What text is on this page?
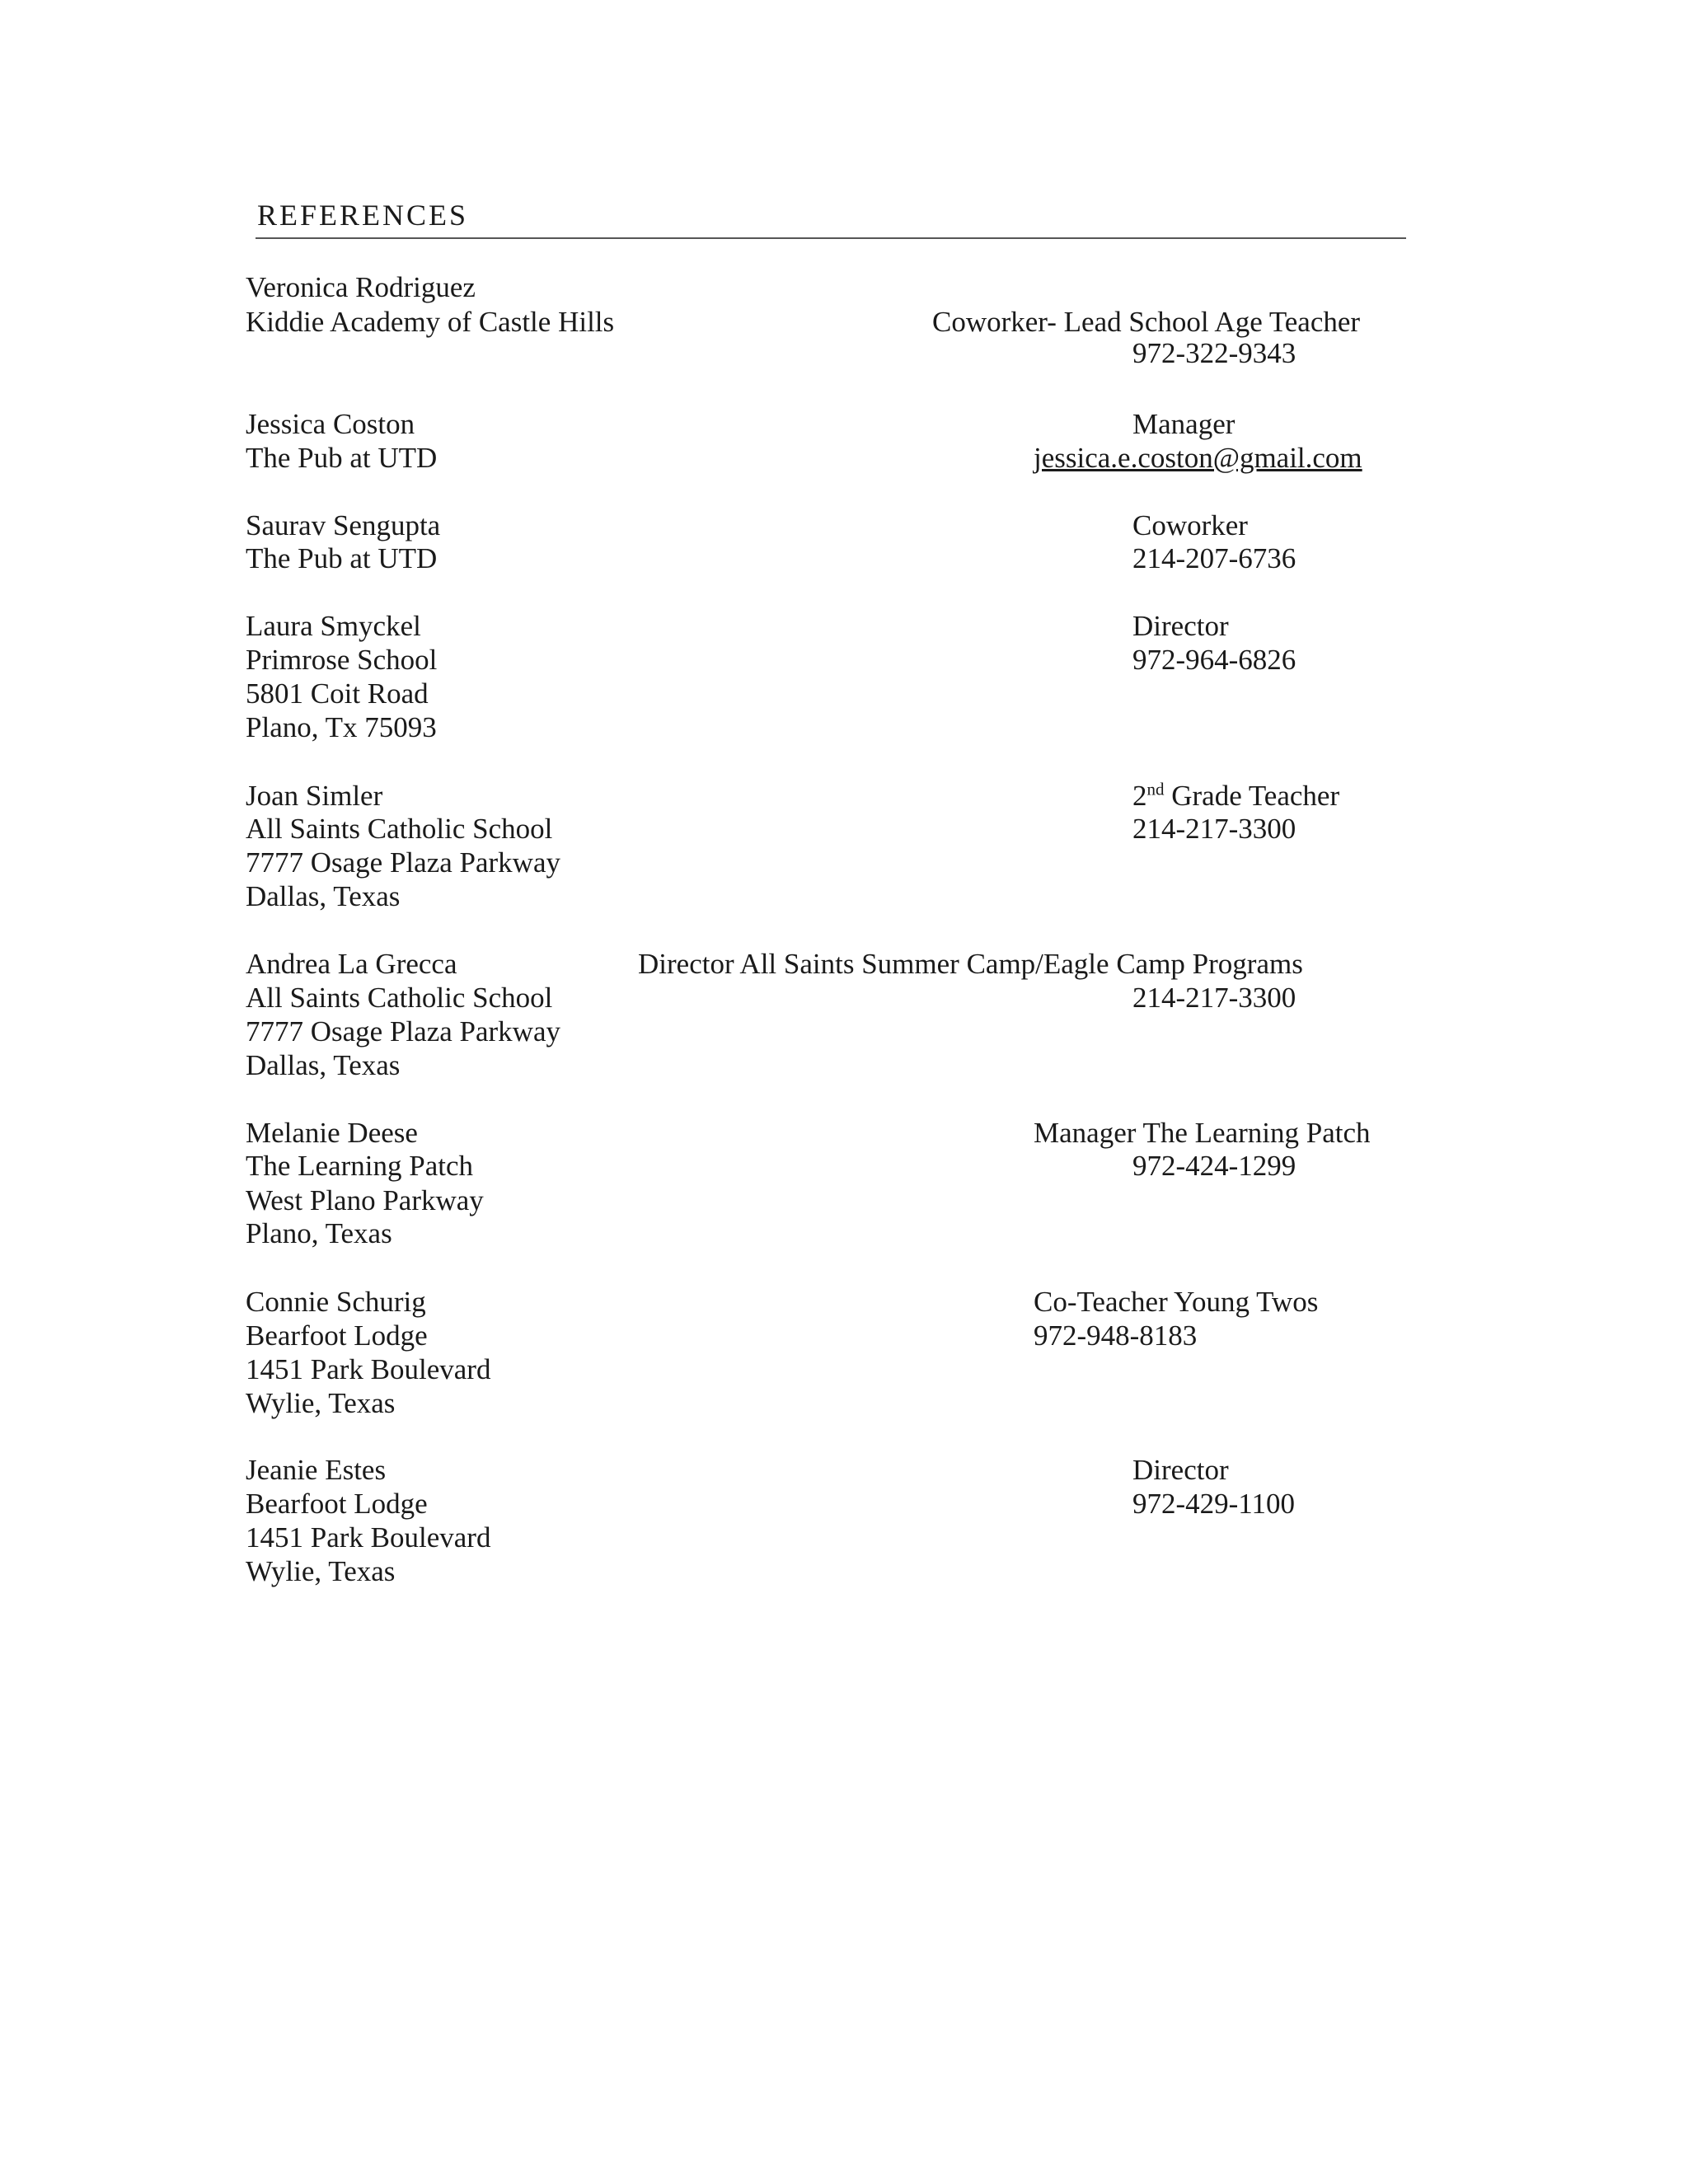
REFERENCES
Veronica Rodriguez
Kiddie Academy of Castle Hills	Coworker- Lead School Age Teacher
972-322-9343
Jessica Coston
The Pub at UTD
Manager
jessica.e.coston@gmail.com
Saurav Sengupta
The Pub at UTD
Coworker
214-207-6736
Laura Smyckel
Primrose School
5801 Coit Road
Plano, Tx 75093
Director
972-964-6826
Joan Simler
All Saints Catholic School
7777 Osage Plaza Parkway
Dallas, Texas
2nd Grade Teacher
214-217-3300
Andrea La Grecca
All Saints Catholic School
7777 Osage Plaza Parkway
Dallas, Texas
Director All Saints Summer Camp/Eagle Camp Programs
214-217-3300
Melanie Deese
The Learning Patch
West Plano Parkway
Plano, Texas
Manager The Learning Patch
972-424-1299
Connie Schurig
Bearfoot Lodge
1451 Park Boulevard
Wylie, Texas
Co-Teacher Young Twos
972-948-8183
Jeanie Estes
Bearfoot Lodge
1451 Park Boulevard
Wylie, Texas
Director
972-429-1100
